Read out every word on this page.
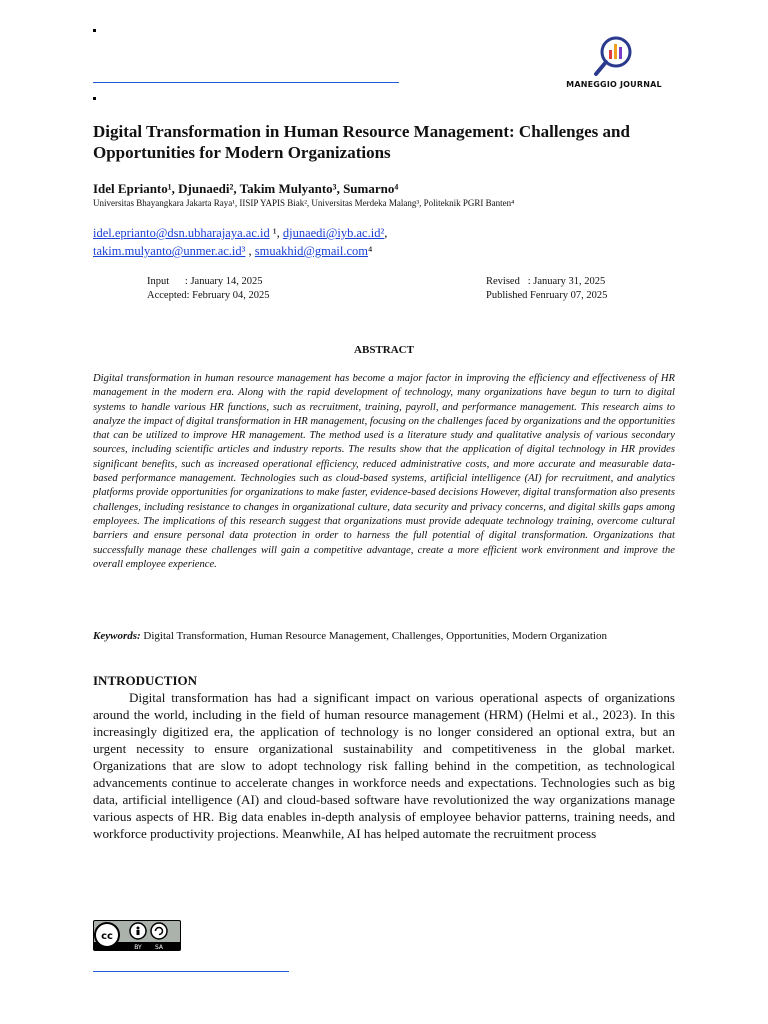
MANEGGIO JOURNAL
Digital Transformation in Human Resource Management: Challenges and Opportunities for Modern Organizations
Idel Eprianto¹, Djunaedi², Takim Mulyanto³, Sumarno⁴
Universitas Bhayangkara Jakarta Raya¹, IISIP YAPIS Biak², Universitas Merdeka Malang³, Politeknik PGRI Banten⁴
idel.eprianto@dsn.ubharajaya.ac.id ¹, djunaedi@iyb.ac.id²,
takim.mulyanto@unmer.ac.id³ , smuakhid@gmail.com⁴
Input      : January 14, 2025
Accepted: February 04, 2025
Revised   : January 31, 2025
Published Fenruary 07, 2025
ABSTRACT
Digital transformation in human resource management has become a major factor in improving the efficiency and effectiveness of HR management in the modern era. Along with the rapid development of technology, many organizations have begun to turn to digital systems to handle various HR functions, such as recruitment, training, payroll, and performance management. This research aims to analyze the impact of digital transformation in HR management, focusing on the challenges faced by organizations and the opportunities that can be utilized to improve HR management. The method used is a literature study and qualitative analysis of various secondary sources, including scientific articles and industry reports. The results show that the application of digital technology in HR provides significant benefits, such as increased operational efficiency, reduced administrative costs, and more accurate and measurable data-based performance management. Technologies such as cloud-based systems, artificial intelligence (AI) for recruitment, and analytics platforms provide opportunities for organizations to make faster, evidence-based decisions However, digital transformation also presents challenges, including resistance to changes in organizational culture, data security and privacy concerns, and digital skills gaps among employees. The implications of this research suggest that organizations must provide adequate technology training, overcome cultural barriers and ensure personal data protection in order to harness the full potential of digital transformation. Organizations that successfully manage these challenges will gain a competitive advantage, create a more efficient work environment and improve the overall employee experience.
Keywords: Digital Transformation, Human Resource Management, Challenges, Opportunities, Modern Organization
INTRODUCTION
Digital transformation has had a significant impact on various operational aspects of organizations around the world, including in the field of human resource management (HRM) (Helmi et al., 2023). In this increasingly digitized era, the application of technology is no longer considered an optional extra, but an urgent necessity to ensure organizational sustainability and competitiveness in the global market. Organizations that are slow to adopt technology risk falling behind in the competition, as technological advancements continue to accelerate changes in workforce needs and expectations. Technologies such as big data, artificial intelligence (AI) and cloud-based software have revolutionized the way organizations manage various aspects of HR. Big data enables in-depth analysis of employee behavior patterns, training needs, and workforce productivity projections. Meanwhile, AI has helped automate the recruitment process
cc
BY SA
